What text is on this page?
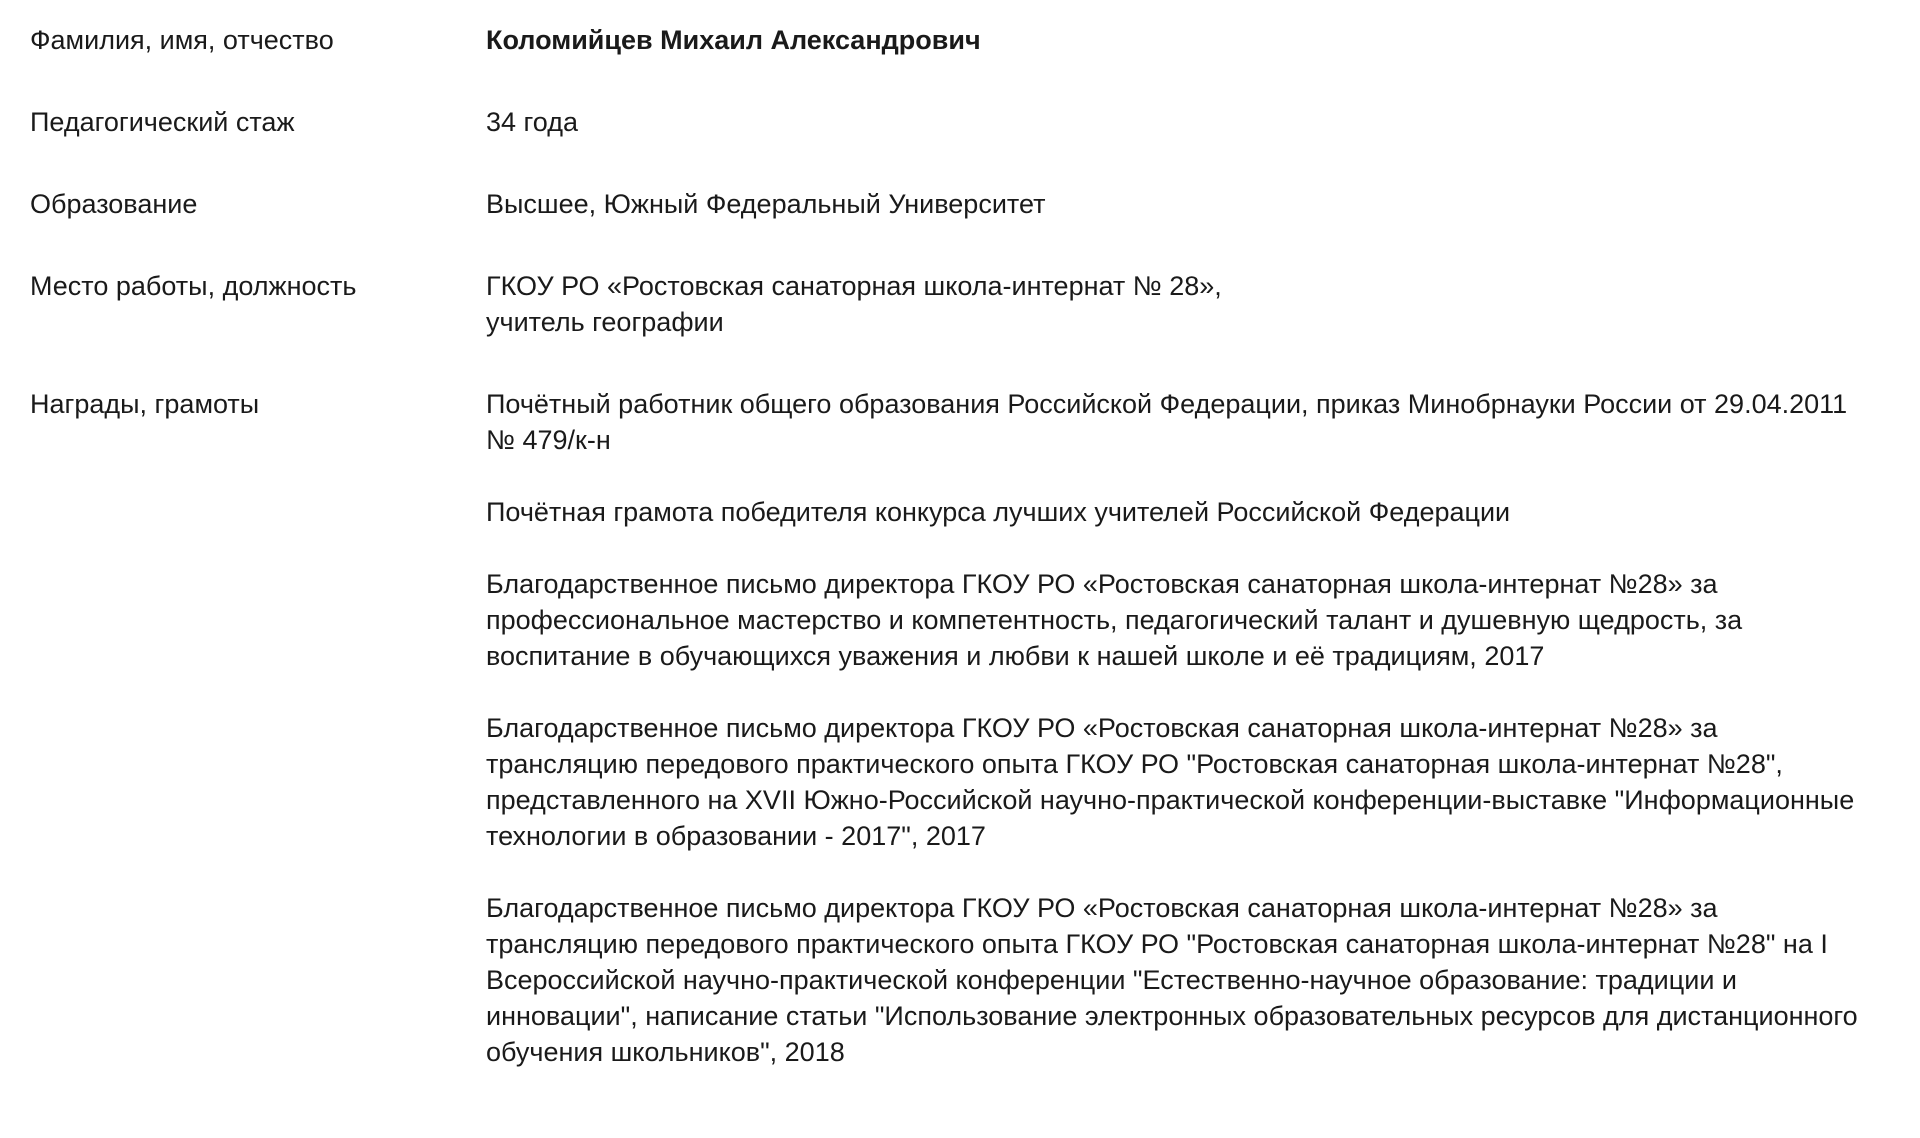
Фамилия, имя, отчество	Коломийцев Михаил Александрович
Педагогический стаж	34 года
Образование	Высшее, Южный Федеральный Университет
Место работы, должность	ГКОУ РО «Ростовская санаторная школа-интернат № 28»,
учитель географии
Награды, грамоты	Почётный работник общего образования Российской Федерации, приказ Минобрнауки России от 29.04.2011 № 479/к-н
Почётная грамота победителя конкурса лучших учителей Российской Федерации
Благодарственное письмо директора ГКОУ РО «Ростовская санаторная школа-интернат №28» за профессиональное мастерство и компетентность, педагогический талант и душевную щедрость, за воспитание в обучающихся уважения и любви к нашей школе и её традициям, 2017
Благодарственное письмо директора ГКОУ РО «Ростовская санаторная школа-интернат №28» за трансляцию передового практического опыта ГКОУ РО "Ростовская санаторная школа-интернат №28", представленного на XVII Южно-Российской научно-практической конференции-выставке "Информационные технологии в образовании - 2017", 2017
Благодарственное письмо директора ГКОУ РО «Ростовская санаторная школа-интернат №28» за трансляцию передового практического опыта ГКОУ РО "Ростовская санаторная школа-интернат №28" на I Всероссийской научно-практической конференции "Естественно-научное образование: традиции и инновации", написание статьи "Использование электронных образовательных ресурсов для дистанционного обучения школьников", 2018
